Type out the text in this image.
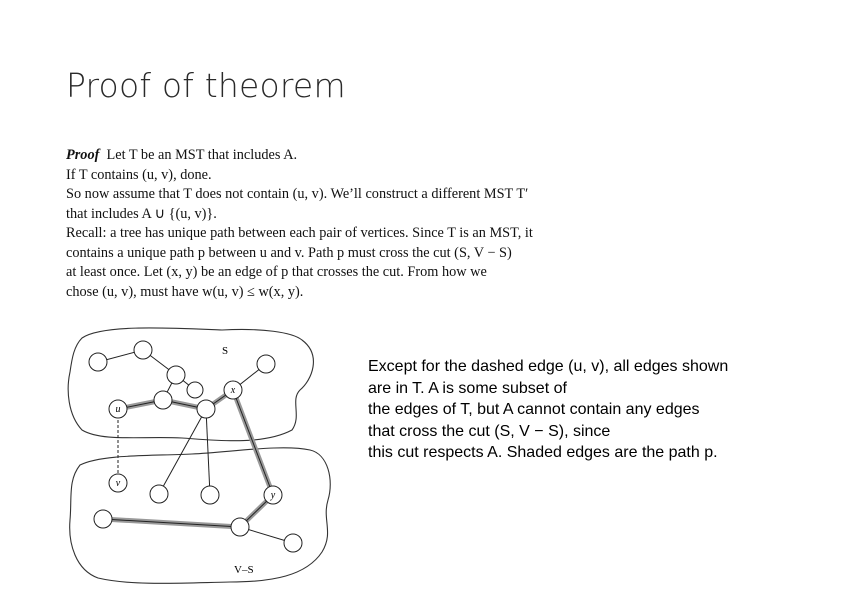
Proof of theorem

Proof Let T be an MST that includes A.

If T contains (u, v), done.

So now assume that T does not contain (u, v). We’ll construct a different MST T′

that includes A ∪ {(u, v)}.

Recall: a tree has unique path between each pair of vertices. Since T is an MST, it

contains a unique path p between u and v. Path p must cross the cut (S, V − S)

at least once. Let (x, y) be an edge of p that crosses the cut. From how we

chose (u, v), must have w(u, v) ≤ w(x, y).

u
v
x
y
S
V–S

Except for the dashed edge (u, v), all edges shown

are in T. A is some subset of

the edges of T, but A cannot contain any edges

that cross the cut (S, V − S), since

this cut respects A. Shaded edges are the path p.
